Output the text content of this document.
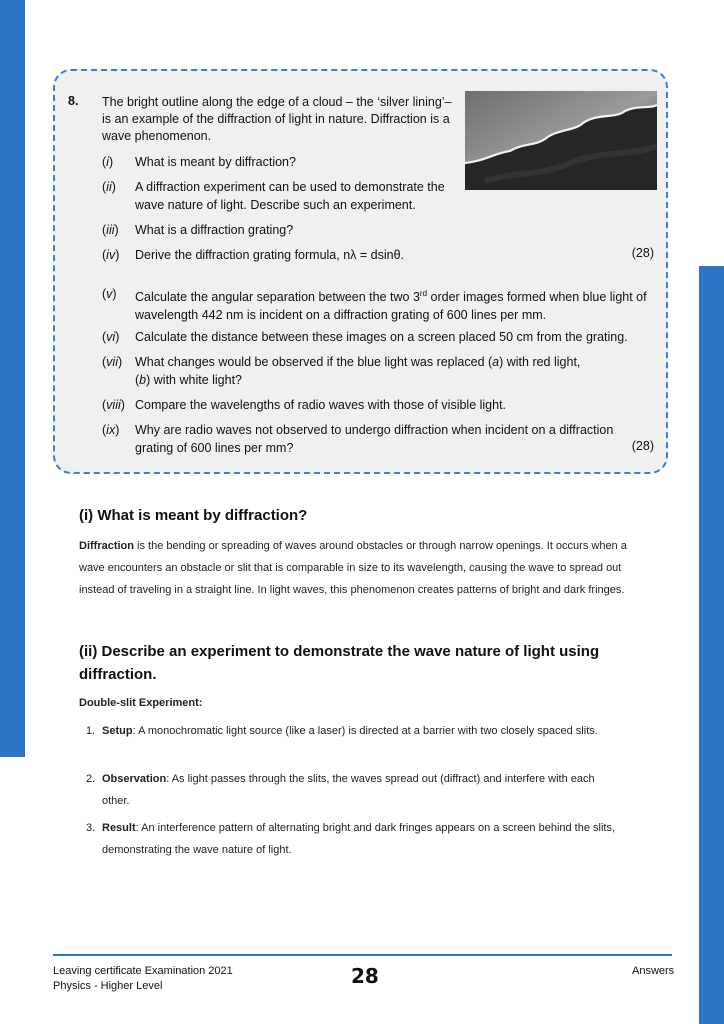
8. The bright outline along the edge of a cloud – the ‘silver lining’– is an example of the diffraction of light in nature. Diffraction is a wave phenomenon.
(i) What is meant by diffraction?
(ii) A diffraction experiment can be used to demonstrate the wave nature of light. Describe such an experiment.
(iii) What is a diffraction grating?
(iv) Derive the diffraction grating formula, nλ = dsinθ.	(28)
(v) Calculate the angular separation between the two 3rd order images formed when blue light of wavelength 442 nm is incident on a diffraction grating of 600 lines per mm.
(vi) Calculate the distance between these images on a screen placed 50 cm from the grating.
(vii) What changes would be observed if the blue light was replaced (a) with red light,
(b) with white light?
(viii) Compare the wavelengths of radio waves with those of visible light.
(ix) Why are radio waves not observed to undergo diffraction when incident on a diffraction grating of 600 lines per mm?	(28)
(i) What is meant by diffraction?
Diffraction is the bending or spreading of waves around obstacles or through narrow openings. It occurs when a wave encounters an obstacle or slit that is comparable in size to its wavelength, causing the wave to spread out instead of traveling in a straight line. In light waves, this phenomenon creates patterns of bright and dark fringes.
(ii) Describe an experiment to demonstrate the wave nature of light using diffraction.
Double-slit Experiment:
1. Setup: A monochromatic light source (like a laser) is directed at a barrier with two closely spaced slits.
2. Observation: As light passes through the slits, the waves spread out (diffract) and interfere with each other.
3. Result: An interference pattern of alternating bright and dark fringes appears on a screen behind the slits, demonstrating the wave nature of light.
Leaving certificate Examination 2021
Physics - Higher Level	28	Answers
